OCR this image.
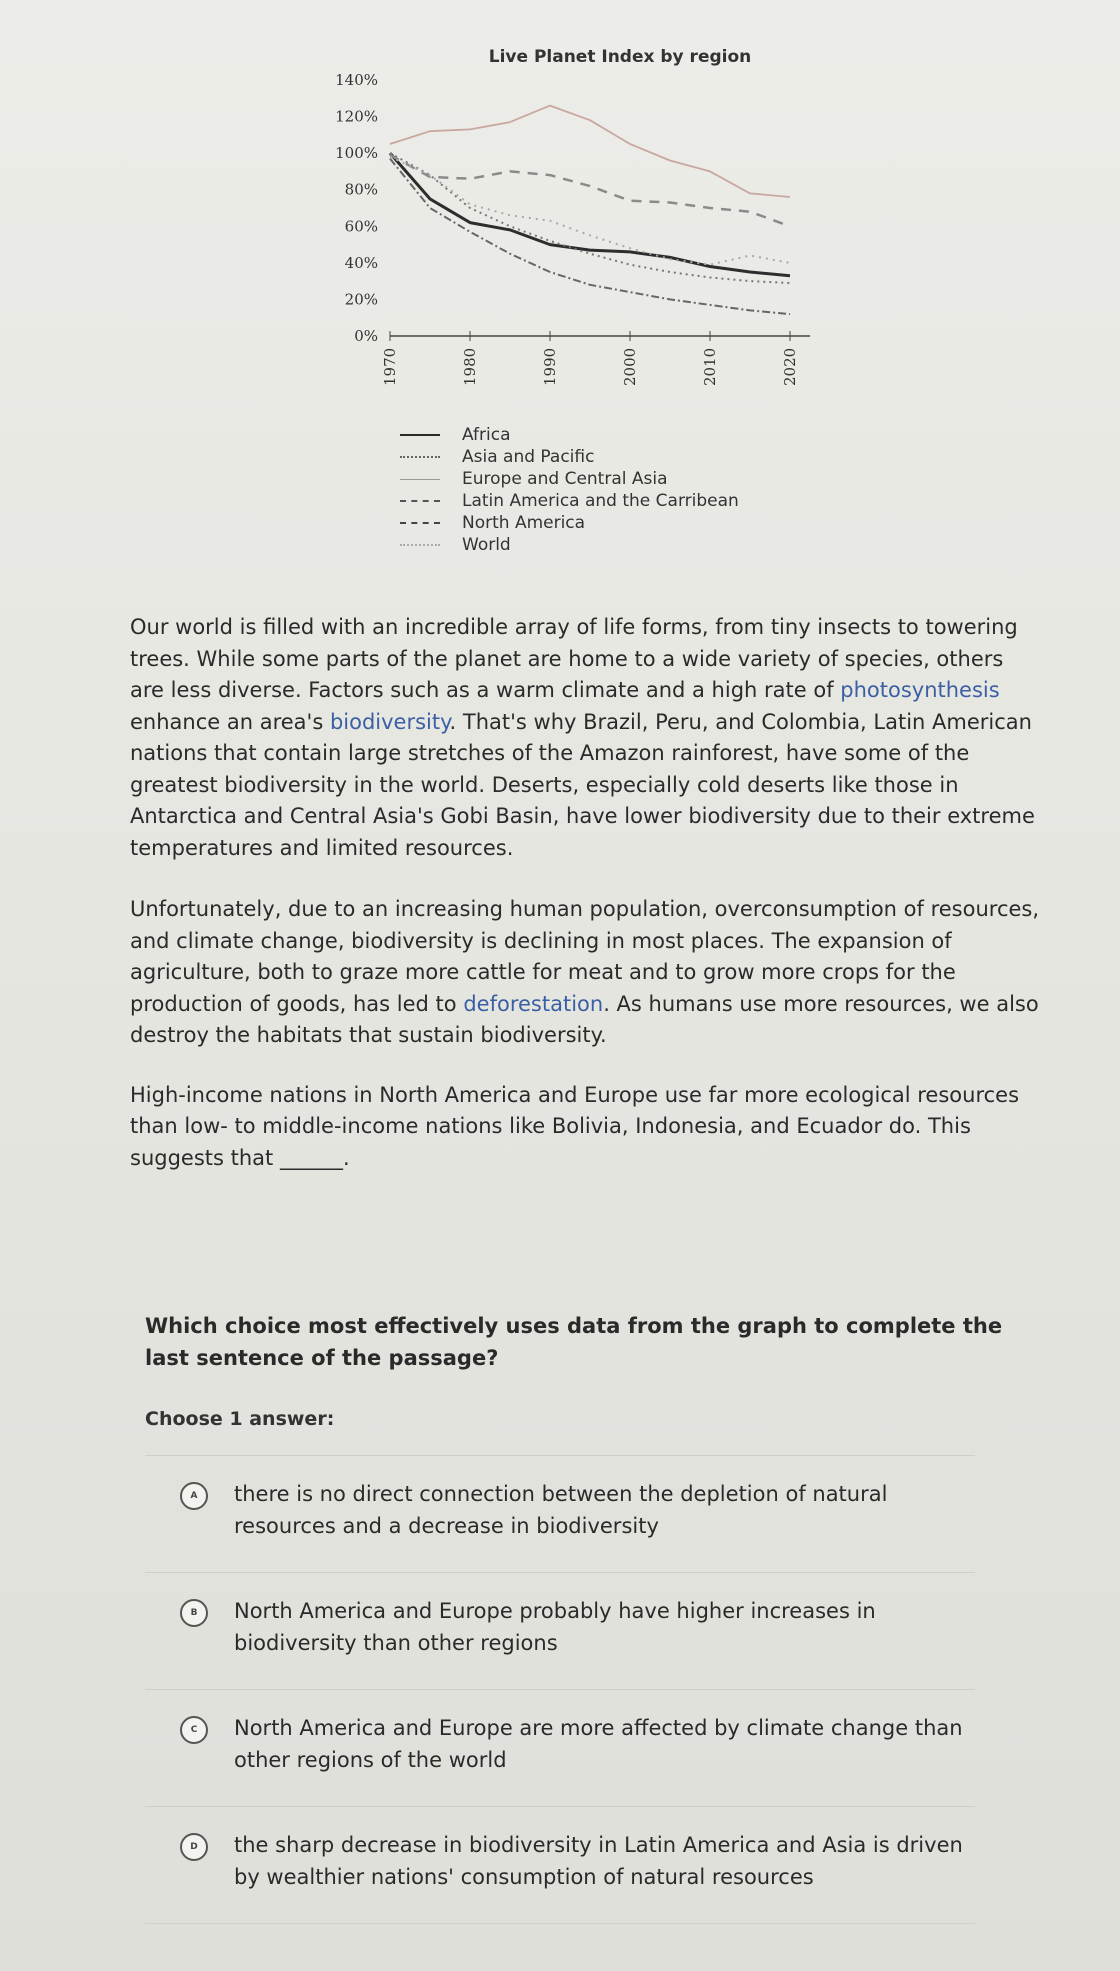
Live Planet Index by region
0%
20%
40%
60%
80%
100%
120%
140%
1970	1980	1990	2000	2010	2020
Africa
Asia and Pacific
Europe and Central Asia
Latin America and the Carribean
North America
World

Our world is filled with an incredible array of life forms, from tiny insects to towering trees. While some parts of the planet are home to a wide variety of species, others are less diverse. Factors such as a warm climate and a high rate of photosynthesis enhance an area's biodiversity. That's why Brazil, Peru, and Colombia, Latin American nations that contain large stretches of the Amazon rainforest, have some of the greatest biodiversity in the world. Deserts, especially cold deserts like those in Antarctica and Central Asia's Gobi Basin, have lower biodiversity due to their extreme temperatures and limited resources.

Unfortunately, due to an increasing human population, overconsumption of resources, and climate change, biodiversity is declining in most places. The expansion of agriculture, both to graze more cattle for meat and to grow more crops for the production of goods, has led to deforestation. As humans use more resources, we also destroy the habitats that sustain biodiversity.

High-income nations in North America and Europe use far more ecological resources than low- to middle-income nations like Bolivia, Indonesia, and Ecuador do. This suggests that ______.

Which choice most effectively uses data from the graph to complete the last sentence of the passage?
Choose 1 answer:
A	there is no direct connection between the depletion of natural resources and a decrease in biodiversity
B	North America and Europe probably have higher increases in biodiversity than other regions
C	North America and Europe are more affected by climate change than other regions of the world
D	the sharp decrease in biodiversity in Latin America and Asia is driven by wealthier nations' consumption of natural resources
